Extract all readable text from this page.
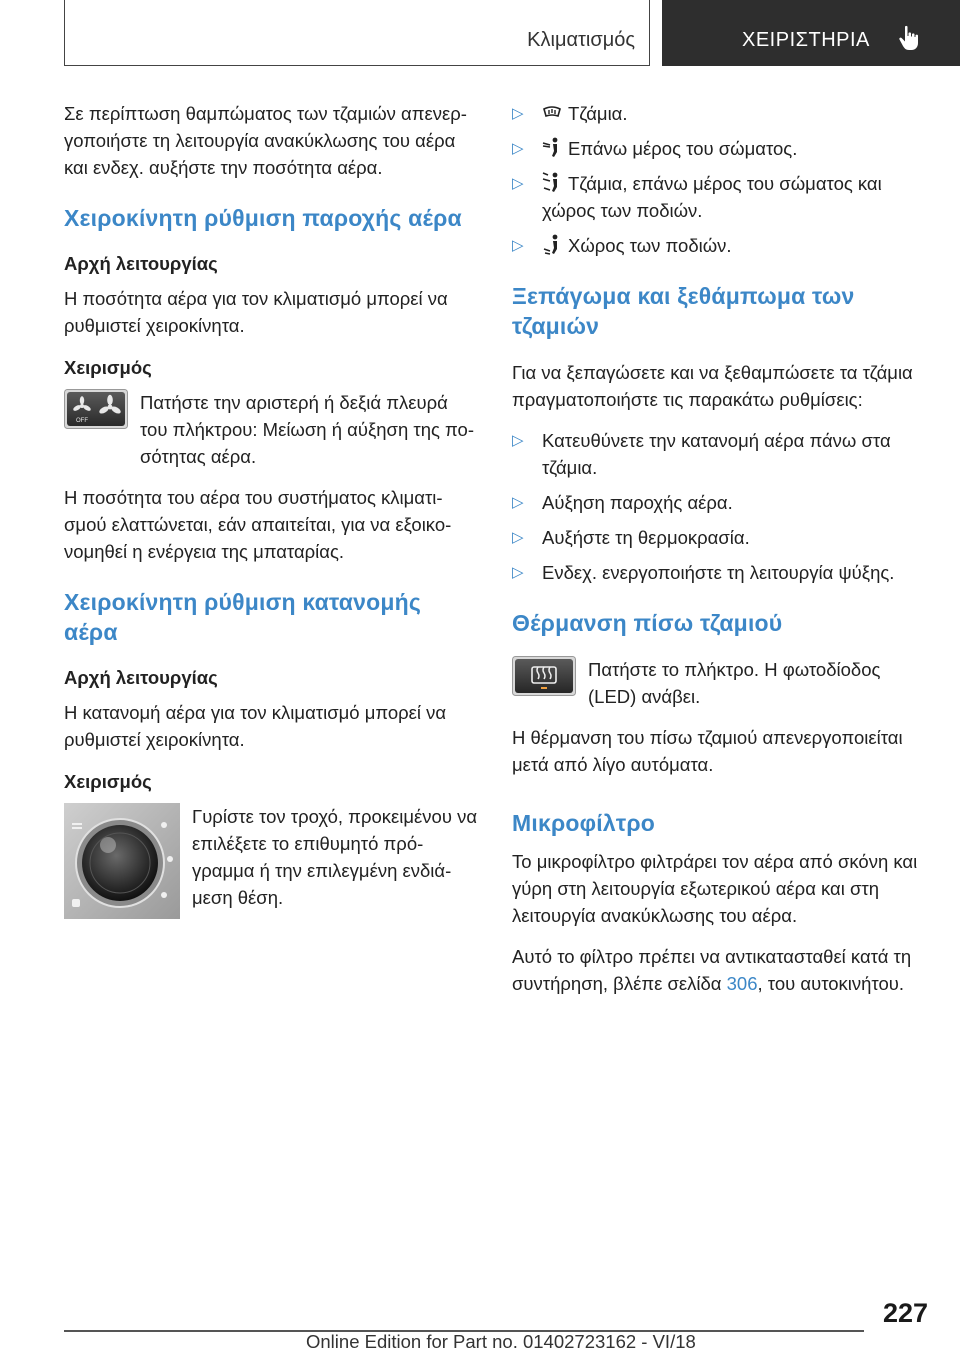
Κλιματισμός	ΧΕΙΡΙΣΤΗΡΙΑ

Σε περίπτωση θαμπώματος των τζαμιών απενεργοποιήστε τη λειτουργία ανακύκλωσης του αέρα και ενδεχ. αυξήστε την ποσότητα αέρα.

Χειροκίνητη ρύθμιση παροχής αέρα
Αρχή λειτουργίας

Η ποσότητα αέρα για τον κλιματισμό μπορεί να ρυθμιστεί χειροκίνητα.

Χειρισμός
OFF

Πατήστε την αριστερή ή δεξιά πλευρά του πλήκτρου: Μείωση ή αύξηση της ποσότητας αέρα.

Η ποσότητα του αέρα του συστήματος κλιματισμού ελαττώνεται, εάν απαιτείται, για να εξοικονομηθεί η ενέργεια της μπαταρίας.

Χειροκίνητη ρύθμιση κατανομής αέρα
Αρχή λειτουργίας

Η κατανομή αέρα για τον κλιματισμό μπορεί να ρυθμιστεί χειροκίνητα.

Χειρισμός

Γυρίστε τον τροχό, προκειμένου να επιλέξετε το επιθυμητό πρόγραμμα ή την επιλεγμένη ενδιάμεση θέση.

▷ Τζάμια.
▷ Επάνω μέρος του σώματος.
▷ Τζάμια, επάνω μέρος του σώματος και χώρος των ποδιών.
▷ Χώρος των ποδιών.
Ξεπάγωμα και ξεθάμπωμα των τζαμιών

Για να ξεπαγώσετε και να ξεθαμπώσετε τα τζάμια πραγματοποιήστε τις παρακάτω ρυθμίσεις:

▷ Κατευθύνετε την κατανομή αέρα πάνω στα τζάμια.
▷ Αύξηση παροχής αέρα.
▷ Αυξήστε τη θερμοκρασία.
▷ Ενδεχ. ενεργοποιήστε τη λειτουργία ψύξης.
Θέρμανση πίσω τζαμιού

Πατήστε το πλήκτρο. Η φωτοδίοδος (LED) ανάβει.

Η θέρμανση του πίσω τζαμιού απενεργοποιείται μετά από λίγο αυτόματα.

Μικροφίλτρο

Το μικροφίλτρο φιλτράρει τον αέρα από σκόνη και γύρη στη λειτουργία εξωτερικού αέρα και στη λειτουργία ανακύκλωσης του αέρα.

Αυτό το φίλτρο πρέπει να αντικατασταθεί κατά τη συντήρηση, βλέπε σελίδα 306, του αυτοκινήτου.

227
Online Edition for Part no. 01402723162 - VI/18
